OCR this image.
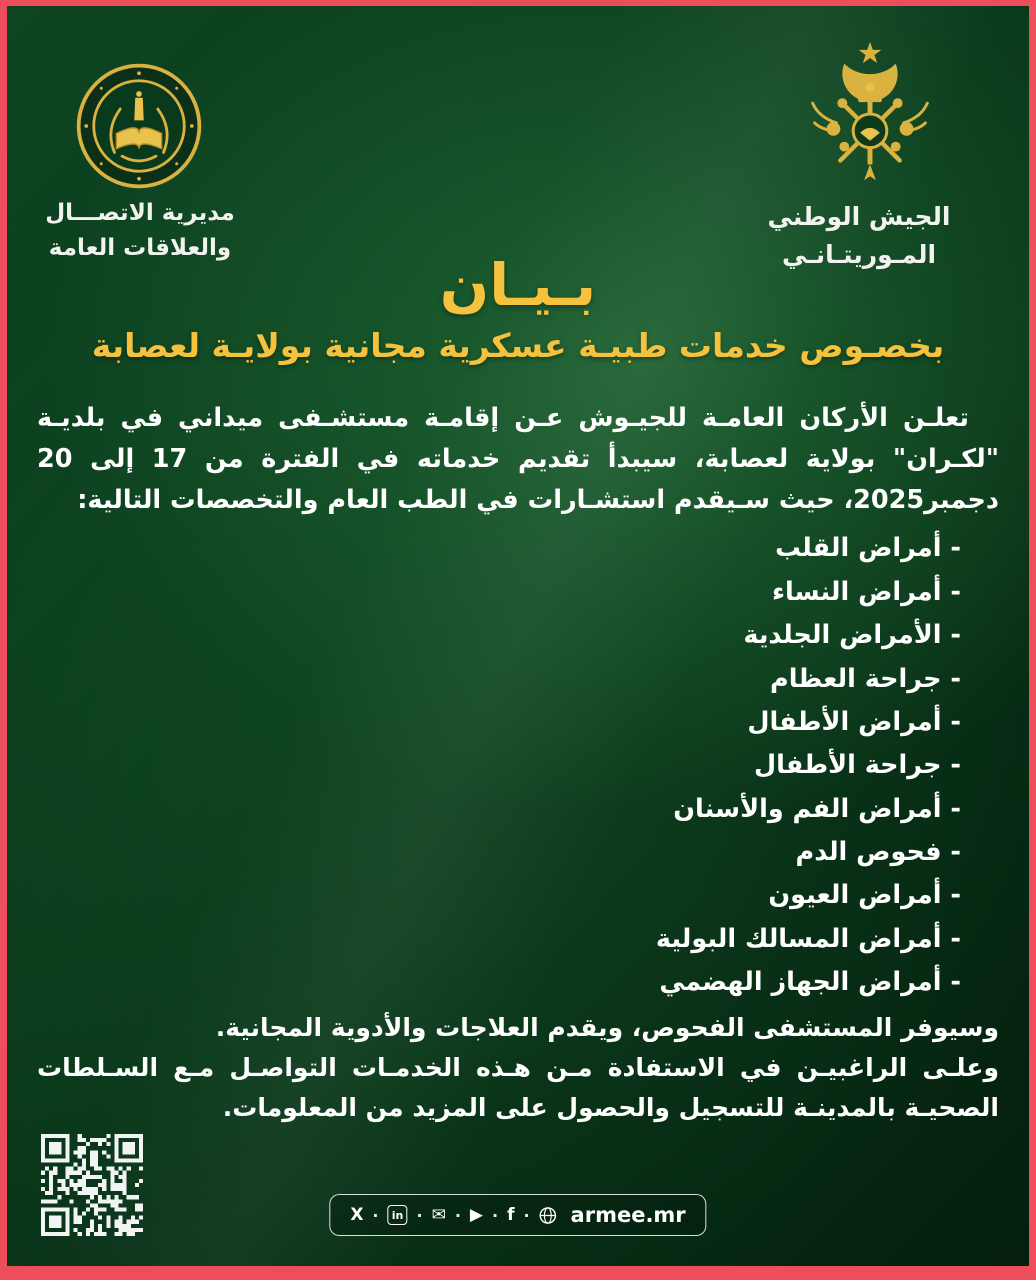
مديرية الاتصـــال
والعلاقات العامة
الجيش الوطني
المـوريتـانـي
بـيـان
بخصـوص خدمات طبيـة عسكرية مجانية بولايـة لعصابة

تعلـن الأركان العامـة للجيـوش عـن إقامـة مستشـفى ميداني في بلديـة "لكـران" بولاية لعصابة، سيبدأ تقديم خدماته في الفترة من 17 إلى 20 دجمبر2025، حيث سـيقدم استشـارات في الطب العام والتخصصات التالية:

- أمراض القلب
- أمراض النساء
- الأمراض الجلدية
- جراحة العظام
- أمراض الأطفال
- جراحة الأطفال
- أمراض الفم والأسنان
- فحوص الدم
- أمراض العيون
- أمراض المسالك البولية
- أمراض الجهاز الهضمي

وسيوفر المستشفى الفحوص، ويقدم العلاجات والأدوية المجانية.

وعلـى الراغبيـن في الاستفادة مـن هـذه الخدمـات التواصـل مـع السـلطات الصحيـة بالمدينـة للتسجيل والحصول على المزيد من المعلومات.

X ·	in · ✉ · ▶ · f · armee.mr
